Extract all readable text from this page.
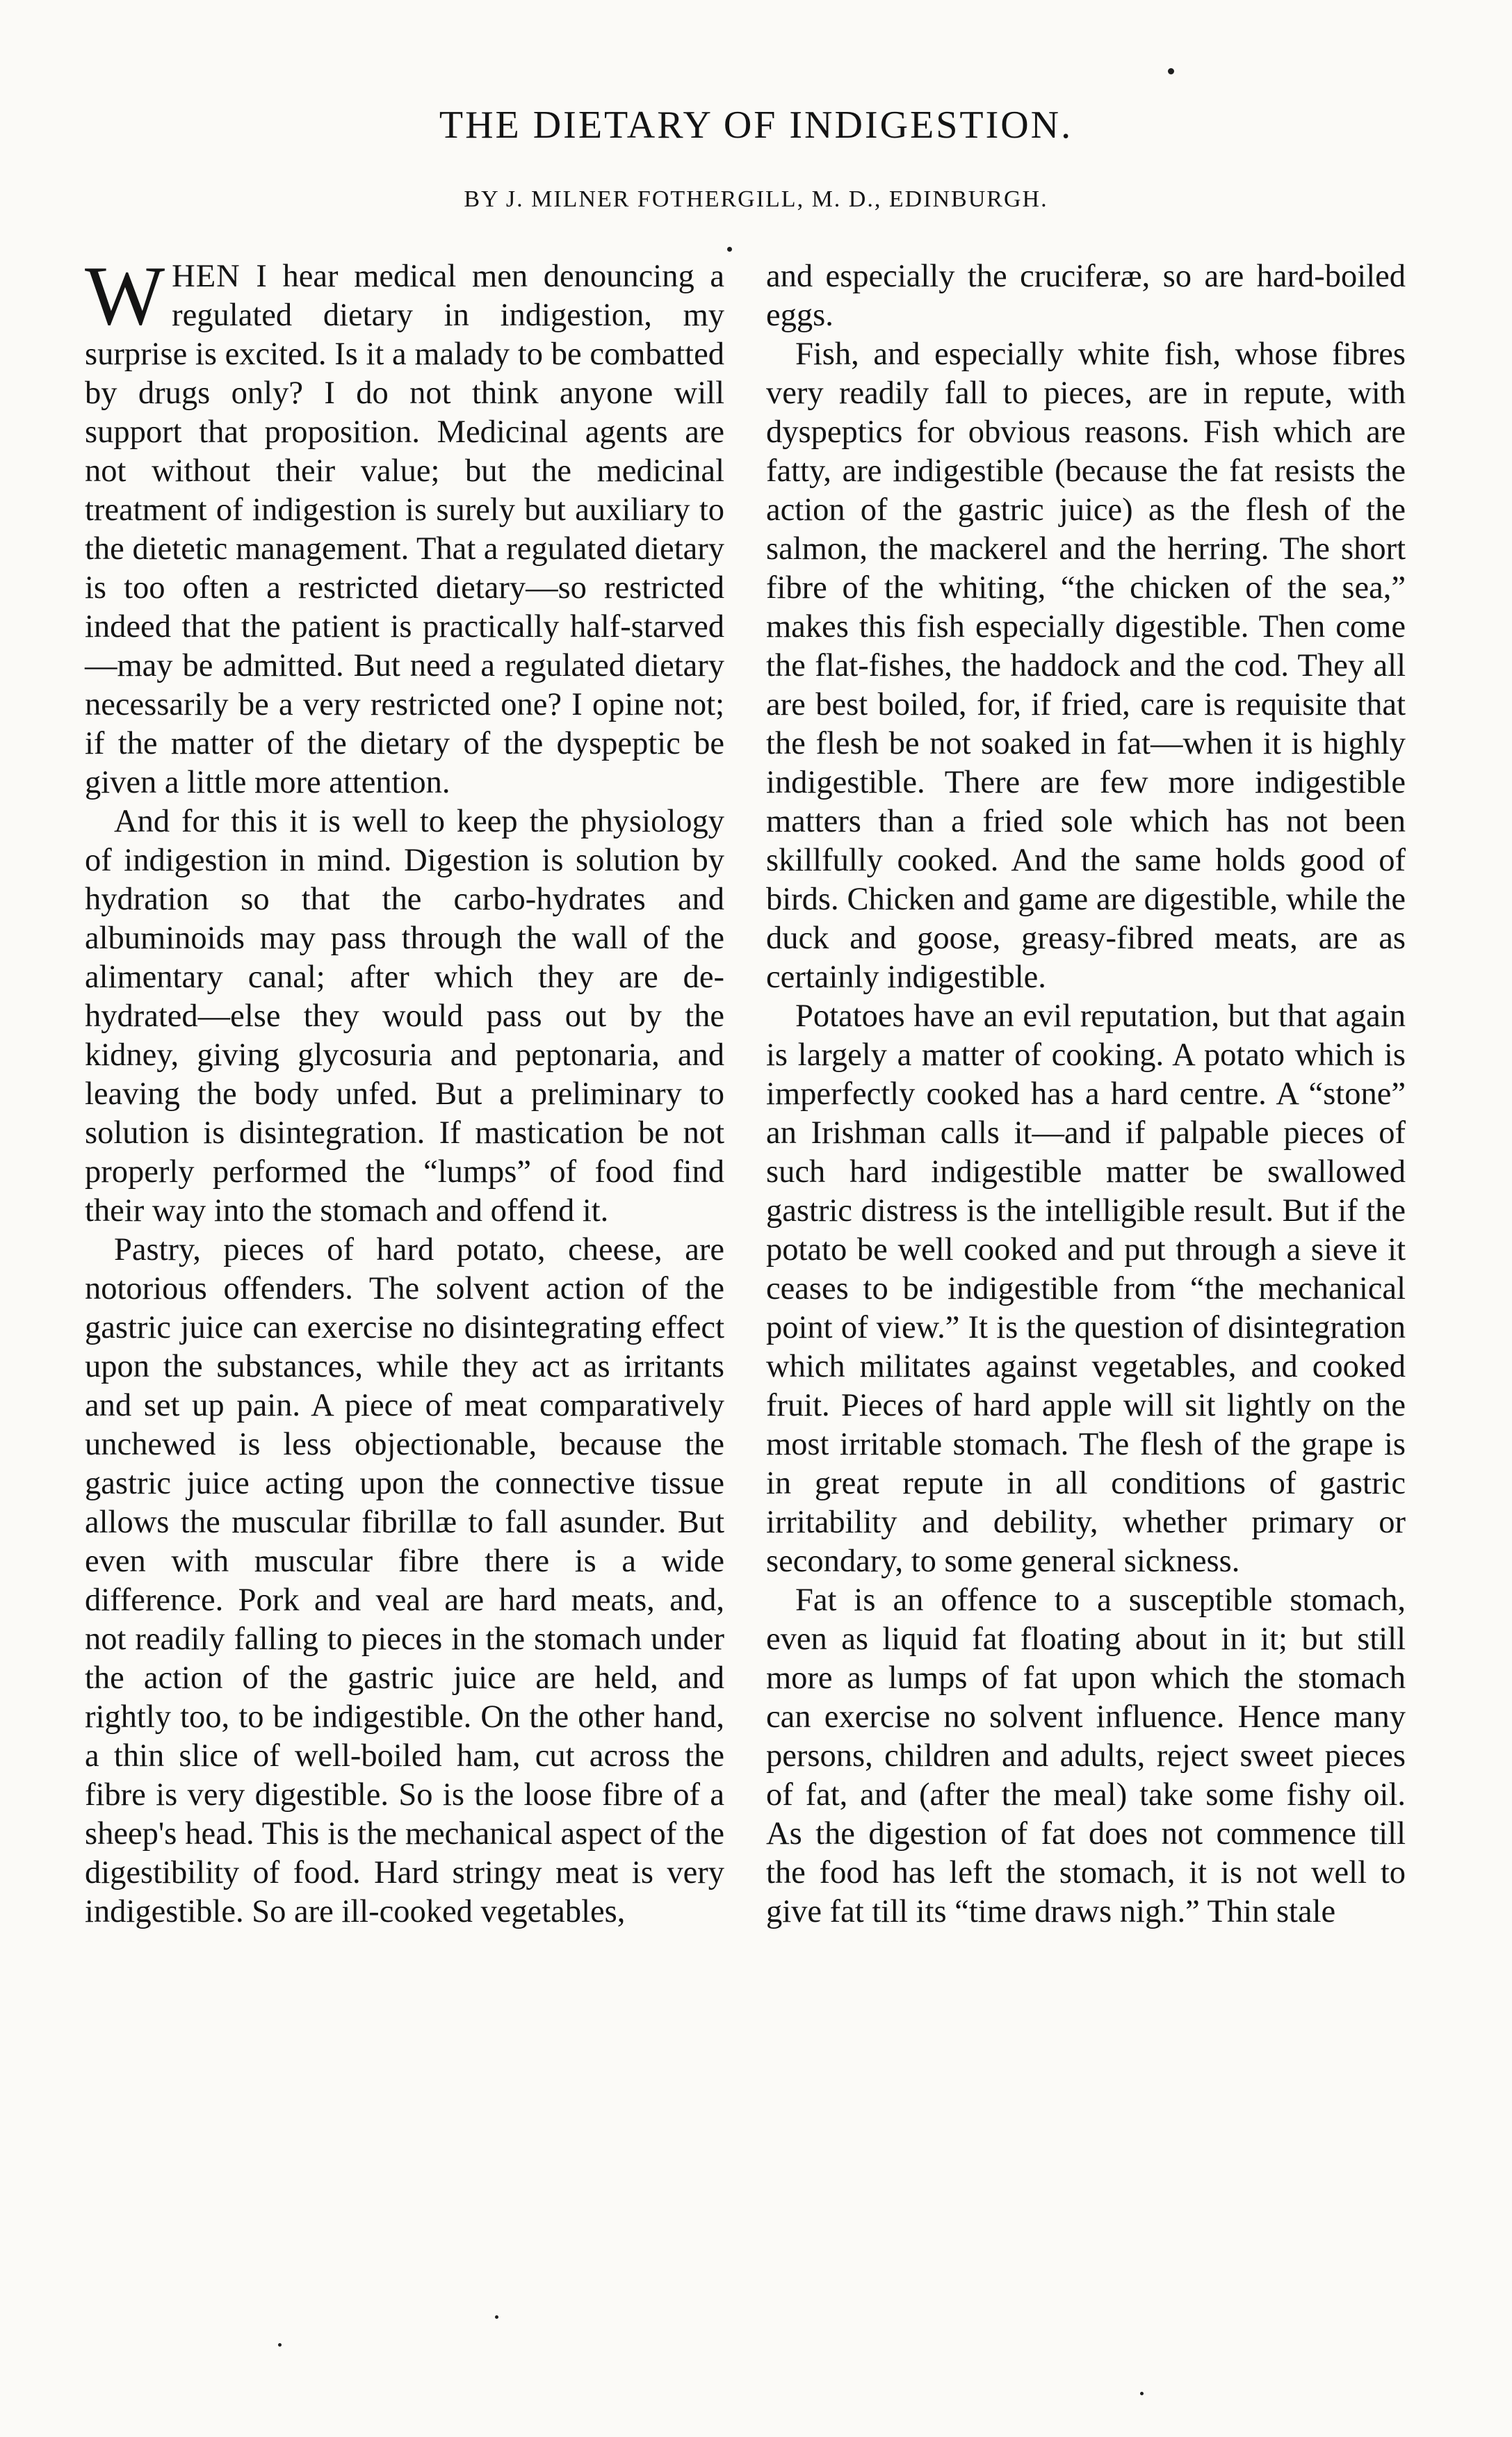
THE DIETARY OF INDIGESTION.
BY J. MILNER FOTHERGILL, M. D., EDINBURGH.

WHEN I hear medical men denouncing a regulated dietary in indigestion, my surprise is excited. Is it a malady to be combatted by drugs only? I do not think anyone will support that proposition. Medicinal agents are not without their value; but the medicinal treatment of indigestion is surely but auxiliary to the dietetic management. That a regulated dietary is too often a restricted dietary—so restricted indeed that the patient is practically half-starved—may be admitted. But need a regulated dietary necessarily be a very restricted one? I opine not; if the matter of the dietary of the dyspeptic be given a little more attention.

And for this it is well to keep the physiology of indigestion in mind. Digestion is solution by hydration so that the carbo-hydrates and albuminoids may pass through the wall of the alimentary canal; after which they are de-hydrated—else they would pass out by the kidney, giving glycosuria and peptonaria, and leaving the body unfed. But a preliminary to solution is disintegration. If mastication be not properly performed the “lumps” of food find their way into the stomach and offend it.

Pastry, pieces of hard potato, cheese, are notorious offenders. The solvent action of the gastric juice can exercise no disintegrating effect upon the substances, while they act as irritants and set up pain. A piece of meat comparatively unchewed is less objectionable, because the gastric juice acting upon the connective tissue allows the muscular fibrillæ to fall asunder. But even with muscular fibre there is a wide difference. Pork and veal are hard meats, and, not readily falling to pieces in the stomach under the action of the gastric juice are held, and rightly too, to be indigestible. On the other hand, a thin slice of well-boiled ham, cut across the fibre is very digestible. So is the loose fibre of a sheep's head. This is the mechanical aspect of the digestibility of food. Hard stringy meat is very indigestible. So are ill-cooked vegetables,

and especially the cruciferæ, so are hard-boiled eggs.

Fish, and especially white fish, whose fibres very readily fall to pieces, are in repute, with dyspeptics for obvious reasons. Fish which are fatty, are indigestible (because the fat resists the action of the gastric juice) as the flesh of the salmon, the mackerel and the herring. The short fibre of the whiting, “the chicken of the sea,” makes this fish especially digestible. Then come the flat-fishes, the haddock and the cod. They all are best boiled, for, if fried, care is requisite that the flesh be not soaked in fat—when it is highly indigestible. There are few more indigestible matters than a fried sole which has not been skillfully cooked. And the same holds good of birds. Chicken and game are digestible, while the duck and goose, greasy-fibred meats, are as certainly indigestible.

Potatoes have an evil reputation, but that again is largely a matter of cooking. A potato which is imperfectly cooked has a hard centre. A “stone” an Irishman calls it—and if palpable pieces of such hard indigestible matter be swallowed gastric distress is the intelligible result. But if the potato be well cooked and put through a sieve it ceases to be indigestible from “the mechanical point of view.” It is the question of disintegration which militates against vegetables, and cooked fruit. Pieces of hard apple will sit lightly on the most irritable stomach. The flesh of the grape is in great repute in all conditions of gastric irritability and debility, whether primary or secondary, to some general sickness.

Fat is an offence to a susceptible stomach, even as liquid fat floating about in it; but still more as lumps of fat upon which the stomach can exercise no solvent influence. Hence many persons, children and adults, reject sweet pieces of fat, and (after the meal) take some fishy oil. As the digestion of fat does not commence till the food has left the stomach, it is not well to give fat till its “time draws nigh.” Thin stale
